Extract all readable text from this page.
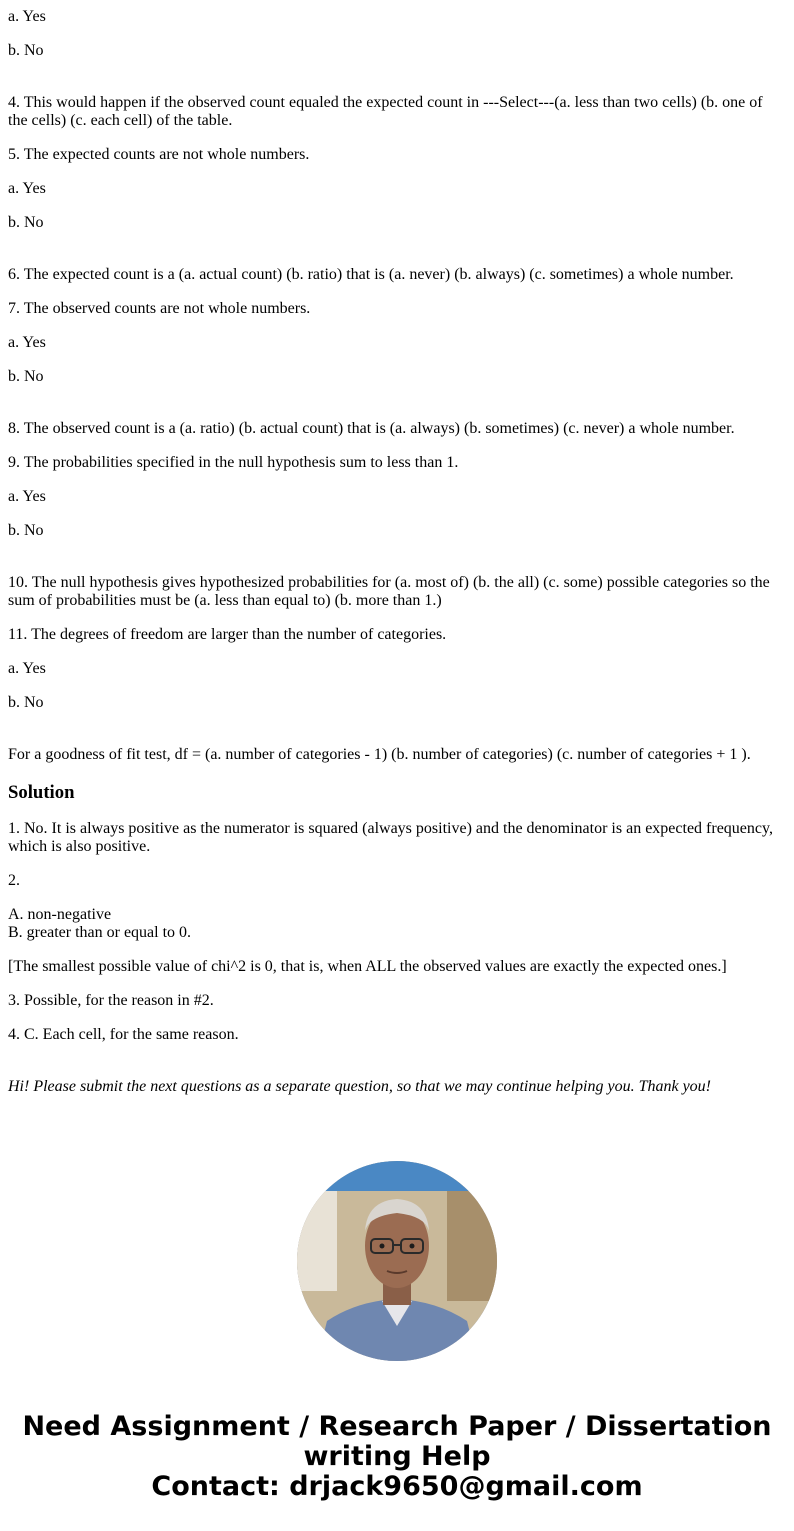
a. Yes

b. No

4. This would happen if the observed count equaled the expected count in ---Select---(a. less than two cells) (b. one of the cells) (c. each cell) of the table.

5. The expected counts are not whole numbers.

a. Yes

b. No

6. The expected count is a (a. actual count) (b. ratio) that is (a. never) (b. always) (c. sometimes) a whole number.

7. The observed counts are not whole numbers.

a. Yes

b. No

8. The observed count is a (a. ratio) (b. actual count) that is (a. always) (b. sometimes) (c. never) a whole number.

9. The probabilities specified in the null hypothesis sum to less than 1.

a. Yes

b. No

10. The null hypothesis gives hypothesized probabilities for (a. most of) (b. the all) (c. some) possible categories so the sum of probabilities must be (a. less than equal to) (b. more than 1.)

11. The degrees of freedom are larger than the number of categories.

a. Yes

b. No

For a goodness of fit test, df = (a. number of categories - 1) (b. number of categories) (c. number of categories + 1 ).

Solution

1. No. It is always positive as the numerator is squared (always positive) and the denominator is an expected frequency, which is also positive.

2.

A. non-negative

B. greater than or equal to 0.

[The smallest possible value of chi^2 is 0, that is, when ALL the observed values are exactly the expected ones.]

3. Possible, for the reason in #2.

4. C. Each cell, for the same reason.

Hi! Please submit the next questions as a separate question, so that we may continue helping you. Thank you!

Need Assignment / Research Paper / Dissertation
writing Help
Contact: drjack9650@gmail.com
